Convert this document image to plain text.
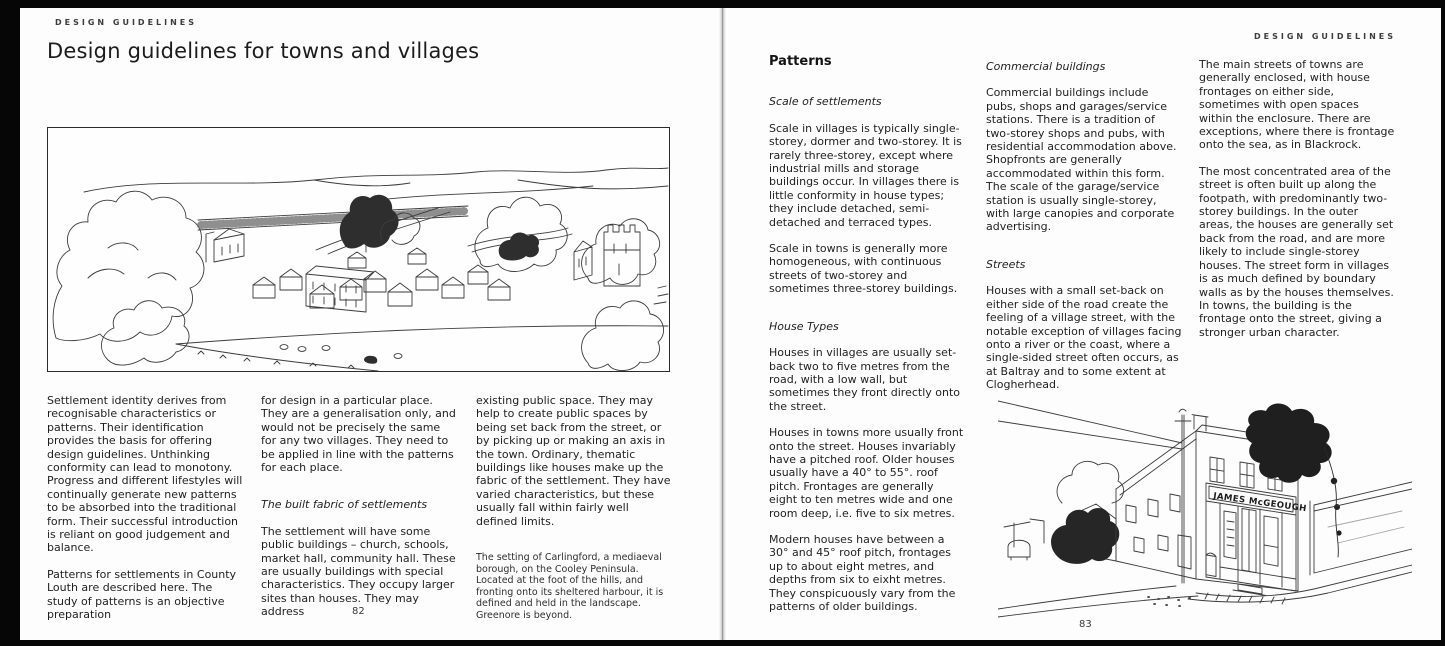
DESIGN GUIDELINES
Design guidelines for towns and villages

Settlement identity derives from recognisable characteristics or patterns. Their identification provides the basis for offering design guidelines. Unthinking conformity can lead to monotony. Progress and different lifestyles will continually generate new patterns to be absorbed into the traditional form. Their successful introduction is reliant on good judgement and balance.

Patterns for settlements in County Louth are described here. The study of patterns is an objective preparation

for design in a particular place. They are a generalisation only, and would not be precisely the same for any two villages. They need to be applied in line with the patterns for each place.

The built fabric of settlements

The settlement will have some public buildings – church, schools, market hall, community hall. These are usually buildings with special characteristics. They occupy larger sites than houses. They may address

existing public space. They may help to create public spaces by being set back from the street, or by picking up or making an axis in the town. Ordinary, thematic buildings like houses make up the fabric of the settlement. They have varied characteristics, but these usually fall within fairly well defined limits.

The setting of Carlingford, a mediaeval borough, on the Cooley Peninsula. Located at the foot of the hills, and fronting onto its sheltered harbour, it is defined and held in the landscape. Greenore is beyond.
82
DESIGN GUIDELINES
Patterns
Scale of settlements

Scale in villages is typically single-storey, dormer and two-storey. It is rarely three-storey, except where industrial mills and storage buildings occur. In villages there is little conformity in house types; they include detached, semi-detached and terraced types.

Scale in towns is generally more homogeneous, with continuous streets of two-storey and sometimes three-storey buildings.

House Types

Houses in villages are usually set-back two to five metres from the road, with a low wall, but sometimes they front directly onto the street.

Houses in towns more usually front onto the street. Houses invariably have a pitched roof. Older houses usually have a 40° to 55°. roof pitch. Frontages are generally eight to ten metres wide and one room deep, i.e. five to six metres.

Modern houses have between a 30° and 45° roof pitch, frontages up to about eight metres, and depths from six to eixht metres. They conspicuously vary from the patterns of older buildings.

Commercial buildings

Commercial buildings include pubs, shops and garages/service stations. There is a tradition of two-storey shops and pubs, with residential accommodation above. Shopfronts are generally accommodated within this form. The scale of the garage/service station is usually single-storey, with large canopies and corporate advertising.

Streets

Houses with a small set-back on either side of the road create the feeling of a village street, with the notable exception of villages facing onto a river or the coast, where a single-sided street often occurs, as at Baltray and to some extent at Clogherhead.

The main streets of towns are generally enclosed, with house frontages on either side, sometimes with open spaces within the enclosure. There are exceptions, where there is frontage onto the sea, as in Blackrock.

The most concentrated area of the street is often built up along the footpath, with predominantly two-storey buildings. In the outer areas, the houses are generally set back from the road, and are more likely to include single-storey houses. The street form in villages is as much defined by boundary walls as by the houses themselves. In towns, the building is the frontage onto the street, giving a stronger urban character.

JAMES McGEOUGH
83
